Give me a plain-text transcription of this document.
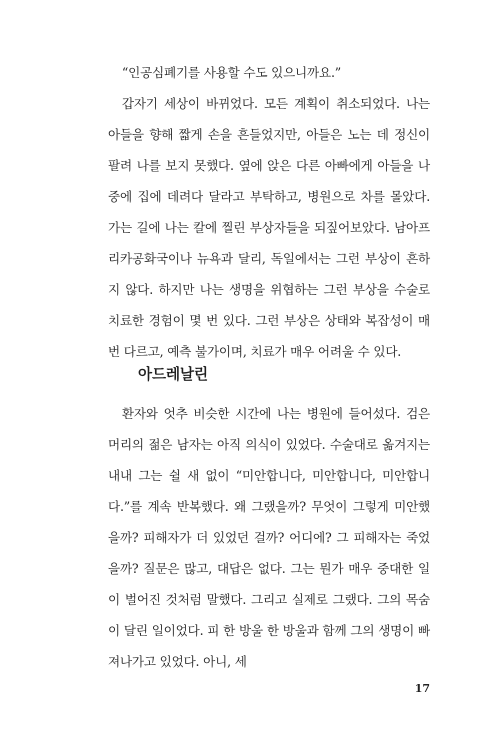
“인공심폐기를 사용할 수도 있으니까요.”

갑자기 세상이 바뀌었다. 모든 계획이 취소되었다. 나는 아들을 향해 짧게 손을 흔들었지만, 아들은 노는 데 정신이 팔려 나를 보지 못했다. 옆에 앉은 다른 아빠에게 아들을 나중에 집에 데려다 달라고 부탁하고, 병원으로 차를 몰았다. 가는 길에 나는 칼에 찔린 부상자들을 되짚어보았다. 남아프리카공화국이나 뉴욕과 달리, 독일에서는 그런 부상이 흔하지 않다. 하지만 나는 생명을 위협하는 그런 부상을 수술로 치료한 경험이 몇 번 있다. 그런 부상은 상태와 복잡성이 매번 다르고, 예측 불가이며, 치료가 매우 어려울 수 있다.

아드레날린

환자와 엇추 비슷한 시간에 나는 병원에 들어섰다. 검은 머리의 젊은 남자는 아직 의식이 있었다. 수술대로 옮겨지는 내내 그는 쉴 새 없이 “미안합니다, 미안합니다, 미안합니다.”를 계속 반복했다. 왜 그랬을까? 무엇이 그렇게 미안했을까? 피해자가 더 있었던 걸까? 어디에? 그 피해자는 죽었을까? 질문은 많고, 대답은 없다. 그는 뭔가 매우 중대한 일이 벌어진 것처럼 말했다. 그리고 실제로 그랬다. 그의 목숨이 달린 일이었다. 피 한 방울 한 방울과 함께 그의 생명이 빠져나가고 있었다. 아니, 세

17
